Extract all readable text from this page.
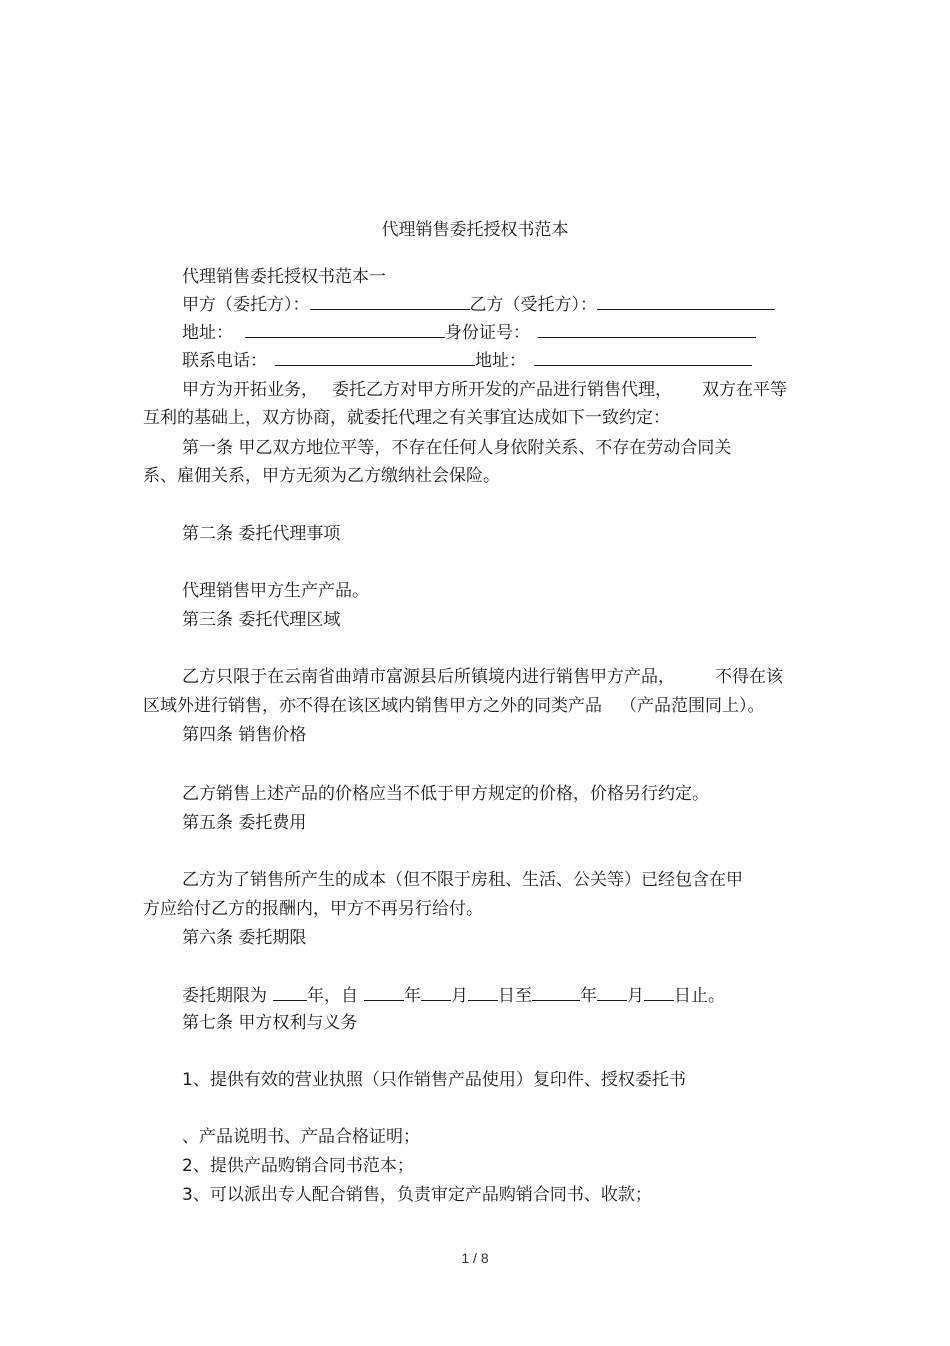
代理销售委托授权书范本
代理销售委托授权书范本一
甲方（委托方）：	乙方（受托方）：
地址：	身份证号：
联系电话：	地址：
甲方为开拓业务， 委托乙方对甲方所开发的产品进行销售代理， 双方在平等
互利的基础上，双方协商，就委托代理之有关事宜达成如下一致约定：
第一条 甲乙双方地位平等，不存在任何人身依附关系、不存在劳动合同关
系、雇佣关系，甲方无须为乙方缴纳社会保险。
第二条 委托代理事项
代理销售甲方生产产品。
第三条 委托代理区域
乙方只限于在云南省曲靖市富源县后所镇境内进行销售甲方产品， 不得在该
区域外进行销售，亦不得在该区域内销售甲方之外的同类产品 （产品范围同上）。
第四条 销售价格
乙方销售上述产品的价格应当不低于甲方规定的价格，价格另行约定。
第五条 委托费用
乙方为了销售所产生的成本（但不限于房租、生活、公关等）已经包含在甲
方应给付乙方的报酬内，甲方不再另行给付。
第六条 委托期限
委托期限为 年，自	年 月 日至	年 月 日止。
第七条 甲方权利与义务
1、提供有效的营业执照（只作销售产品使用）复印件、授权委托书
、产品说明书、产品合格证明；
2、提供产品购销合同书范本；
3、可以派出专人配合销售，负责审定产品购销合同书、收款；
1 / 8
